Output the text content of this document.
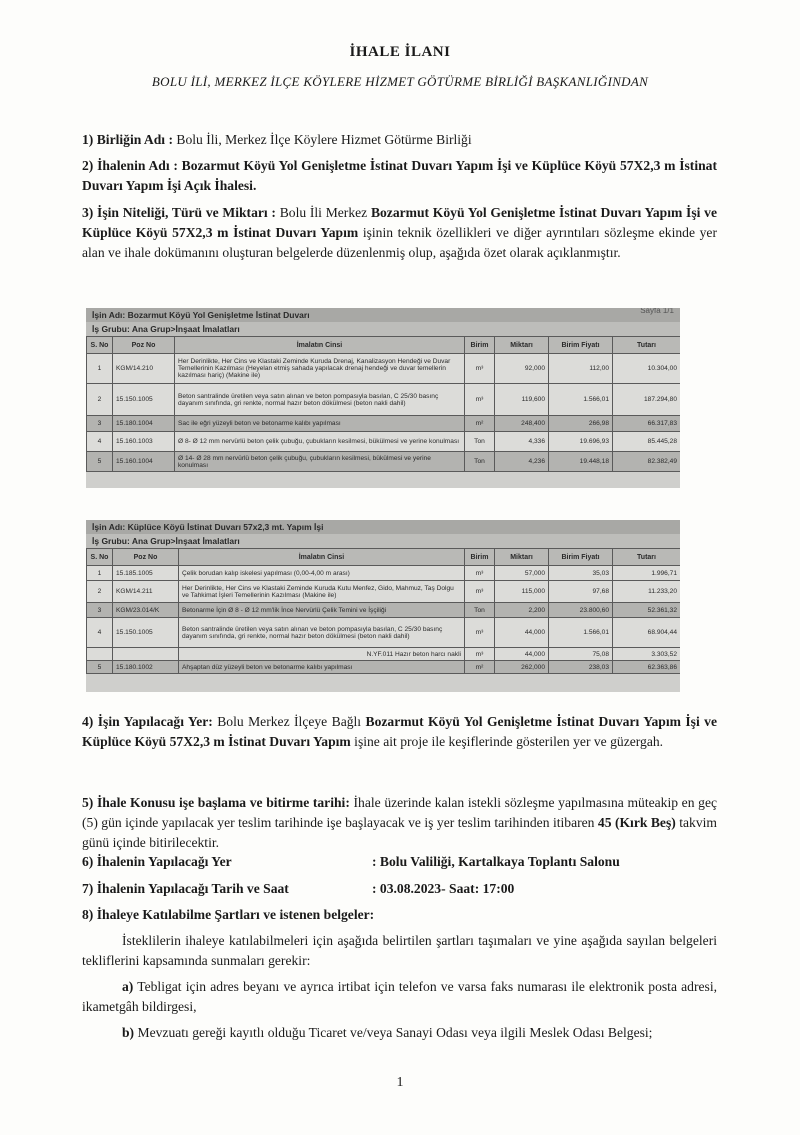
İHALE İLANI
BOLU İLİ, MERKEZ İLÇE KÖYLERE HİZMET GÖTÜRME BİRLİĞİ BAŞKANLIĞINDAN
1) Birliğin Adı : Bolu İli, Merkez İlçe Köylere Hizmet Götürme Birliği
2) İhalenin Adı : Bozarmut Köyü Yol Genişletme İstinat Duvarı Yapım İşi ve Küplüce Köyü 57X2,3 m İstinat Duvarı Yapım İşi Açık İhalesi.
3) İşin Niteliği, Türü ve Miktarı : Bolu İli Merkez Bozarmut Köyü Yol Genişletme İstinat Duvarı Yapım İşi ve Küplüce Köyü 57X2,3 m İstinat Duvarı Yapım işinin teknik özellikleri ve diğer ayrıntıları sözleşme ekinde yer alan ve ihale dokümanını oluşturan belgelerde düzenlenmiş olup, aşağıda özet olarak açıklanmıştır.
Sayfa 1/1
İşin Adı: Bozarmut Köyü Yol Genişletme İstinat Duvarı
İş Grubu: Ana Grup>İnşaat İmalatları
S. No	Poz No	İmalatın Cinsi	Birim	Miktarı	Birim Fiyatı	Tutarı
1	KGM/14.210	Her Derinlikte, Her Cins ve Klastaki Zeminde Kuruda Drenaj, Kanalizasyon Hendeği ve Duvar Temellerinin Kazılması (Heyelan etmiş sahada yapılacak drenaj hendeği ve duvar temellerin kazılması hariç) (Makine ile)	m³	92,000	112,00	10.304,00
2	15.150.1005	Beton santralinde üretilen veya satın alınan ve beton pompasıyla basılan, C 25/30 basınç dayanım sınıfında, gri renkte, normal hazır beton dökülmesi (beton nakli dahil)	m³	119,600	1.566,01	187.294,80
3	15.180.1004	Sac ile eğri yüzeyli beton ve betonarme kalıbı yapılması	m²	248,400	266,98	66.317,83
4	15.160.1003	Ø 8- Ø 12 mm nervürlü beton çelik çubuğu, çubukların kesilmesi, bükülmesi ve yerine konulması	Ton	4,336	19.696,93	85.445,28
5	15.160.1004	Ø 14- Ø 28 mm nervürlü beton çelik çubuğu, çubukların kesilmesi, bükülmesi ve yerine konulması	Ton	4,236	19.448,18	82.382,49
İşin Adı: Küplüce Köyü İstinat Duvarı 57x2,3 mt. Yapım İşi
İş Grubu: Ana Grup>İnşaat İmalatları
S. No	Poz No	İmalatın Cinsi	Birim	Miktarı	Birim Fiyatı	Tutarı
1	15.185.1005	Çelik borudan kalıp iskelesi yapılması (0,00-4,00 m arası)	m³	57,000	35,03	1.996,71
2	KGM/14.211	Her Derinlikte, Her Cins ve Klastaki Zeminde Kuruda Kutu Menfez, Gido, Mahmuz, Taş Dolgu ve Tahkimat İşleri Temellerinin Kazılması (Makine ile)	m³	115,000	97,68	11.233,20
3	KGM/23.014/K	Betonarme İçin Ø 8 - Ø 12 mm'lik İnce Nervürlü Çelik Temini ve İşçiliği	Ton	2,200	23.800,60	52.361,32
4	15.150.1005	Beton santralinde üretilen veya satın alınan ve beton pompasıyla basılan, C 25/30 basınç dayanım sınıfında, gri renkte, normal hazır beton dökülmesi (beton nakli dahil)	m³	44,000	1.566,01	68.904,44
		N.YF.011 Hazır beton harcı nakli	m³	44,000	75,08	3.303,52
5	15.180.1002	Ahşaptan düz yüzeyli beton ve betonarme kalıbı yapılması	m²	262,000	238,03	62.363,86
4) İşin Yapılacağı Yer: Bolu Merkez İlçeye Bağlı Bozarmut Köyü Yol Genişletme İstinat Duvarı Yapım İşi ve Küplüce Köyü 57X2,3 m İstinat Duvarı Yapım işine ait proje ile keşiflerinde gösterilen yer ve güzergah.
5) İhale Konusu işe başlama ve bitirme tarihi: İhale üzerinde kalan istekli sözleşme yapılmasına müteakip en geç (5) gün içinde yapılacak yer teslim tarihinde işe başlayacak ve iş yer teslim tarihinden itibaren 45 (Kırk Beş) takvim günü içinde bitirilecektir.
6) İhalenin Yapılacağı Yer	: Bolu Valiliği, Kartalkaya Toplantı Salonu
7) İhalenin Yapılacağı Tarih ve Saat	: 03.08.2023- Saat: 17:00
8) İhaleye Katılabilme Şartları ve istenen belgeler:
İsteklilerin ihaleye katılabilmeleri için aşağıda belirtilen şartları taşımaları ve yine aşağıda sayılan belgeleri tekliflerini kapsamında sunmaları gerekir:
a) Tebligat için adres beyanı ve ayrıca irtibat için telefon ve varsa faks numarası ile elektronik posta adresi, ikametgâh bildirgesi,
b) Mevzuatı gereği kayıtlı olduğu Ticaret ve/veya Sanayi Odası veya ilgili Meslek Odası Belgesi;
1
